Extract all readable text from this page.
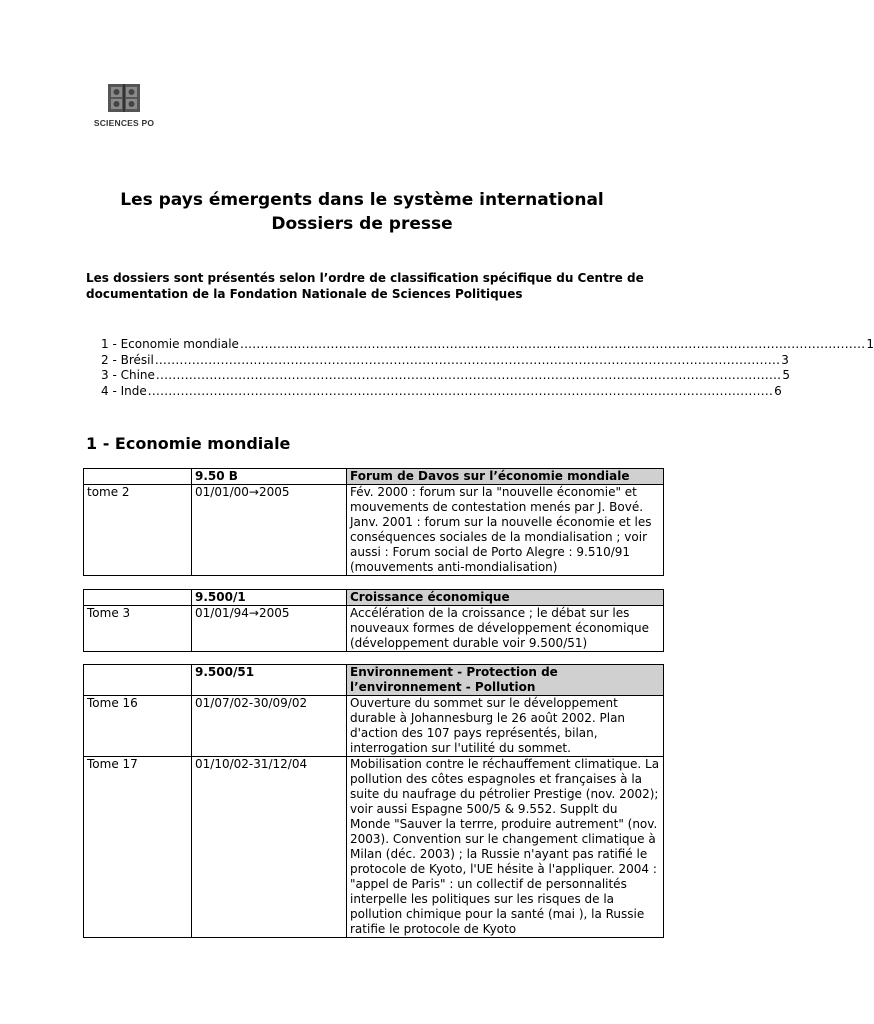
SCIENCES PO
Les pays émergents dans le système international
Dossiers de presse
Les dossiers sont présentés selon l’ordre de classification spécifique du Centre de documentation de la Fondation Nationale de Sciences Politiques
1 - Economie mondiale ........................................................................................................................................................ 1
2 - Brésil ........................................................................................................................................................ 3
3 - Chine ........................................................................................................................................................ 5
4 - Inde ........................................................................................................................................................ 6
1 - Economie mondiale
	9.50 B	Forum de Davos sur l’économie mondiale
tome 2	01/01/00→2005	Fév. 2000 : forum sur la "nouvelle économie" et mouvements de contestation menés par J. Bové. Janv. 2001 : forum sur la nouvelle économie et les conséquences sociales de la mondialisation ; voir aussi : Forum social de Porto Alegre : 9.510/91 (mouvements anti-mondialisation)
	9.500/1	Croissance économique
Tome 3	01/01/94→2005	Accélération de la croissance ; le débat sur les nouveaux formes de développement économique (développement durable voir 9.500/51)
	9.500/51	Environnement - Protection de l’environnement - Pollution
Tome 16	01/07/02-30/09/02	Ouverture du sommet sur le développement durable à Johannesburg le 26 août 2002. Plan d'action des 107 pays représentés, bilan, interrogation sur l'utilité du sommet.
Tome 17	01/10/02-31/12/04	Mobilisation contre le réchauffement climatique. La pollution des côtes espagnoles et françaises à la suite du naufrage du pétrolier Prestige (nov. 2002); voir aussi Espagne 500/5 & 9.552. Supplt du Monde "Sauver la terrre, produire autrement" (nov. 2003). Convention sur le changement climatique à Milan (déc. 2003) ; la Russie n'ayant pas ratifié le protocole de Kyoto, l'UE hésite à l'appliquer. 2004 : "appel de Paris" : un collectif de personnalités interpelle les politiques sur les risques de la pollution chimique pour la santé (mai ), la Russie ratifie le protocole de Kyoto
